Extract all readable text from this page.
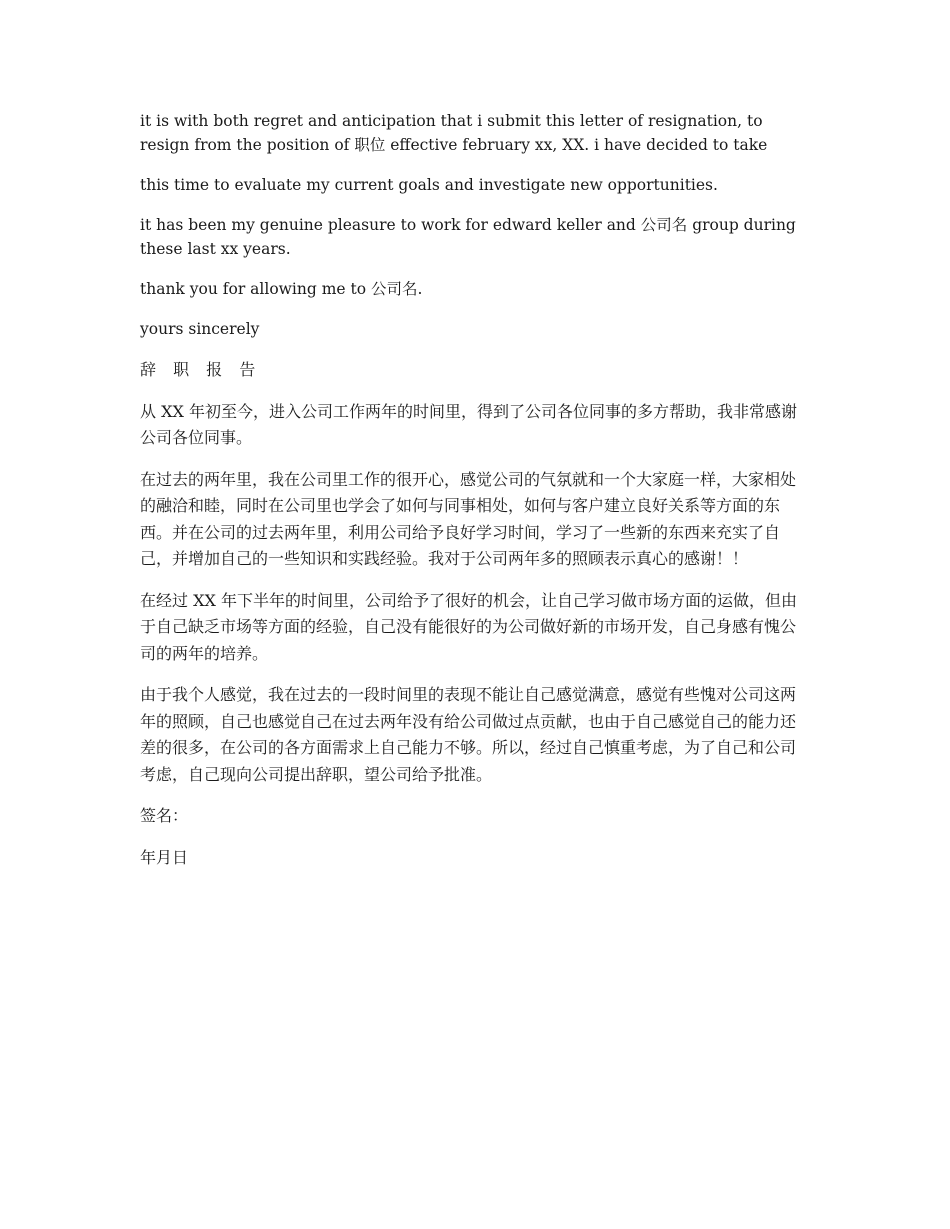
it is with both regret and anticipation that i submit this letter of resignation, to resign from the position of 职位 effective february xx, XX. i have decided to take

this time to evaluate my current goals and investigate new opportunities.

it has been my genuine pleasure to work for edward keller and 公司名 group during these last xx years.

thank you for allowing me to 公司名.

yours sincerely

辞 职 报 告

从 XX 年初至今，进入公司工作两年的时间里，得到了公司各位同事的多方帮助，我非常感谢公司各位同事。

在过去的两年里，我在公司里工作的很开心，感觉公司的气氛就和一个大家庭一样，大家相处的融洽和睦，同时在公司里也学会了如何与同事相处，如何与客户建立良好关系等方面的东西。并在公司的过去两年里，利用公司给予良好学习时间，学习了一些新的东西来充实了自己，并增加自己的一些知识和实践经验。我对于公司两年多的照顾表示真心的感谢！！

在经过 XX 年下半年的时间里，公司给予了很好的机会，让自己学习做市场方面的运做，但由于自己缺乏市场等方面的经验，自己没有能很好的为公司做好新的市场开发，自己身感有愧公司的两年的培养。

由于我个人感觉，我在过去的一段时间里的表现不能让自己感觉满意，感觉有些愧对公司这两年的照顾，自己也感觉自己在过去两年没有给公司做过点贡献，也由于自己感觉自己的能力还差的很多，在公司的各方面需求上自己能力不够。所以，经过自己慎重考虑，为了自己和公司考虑，自己现向公司提出辞职，望公司给予批准。

签名：

年月日
